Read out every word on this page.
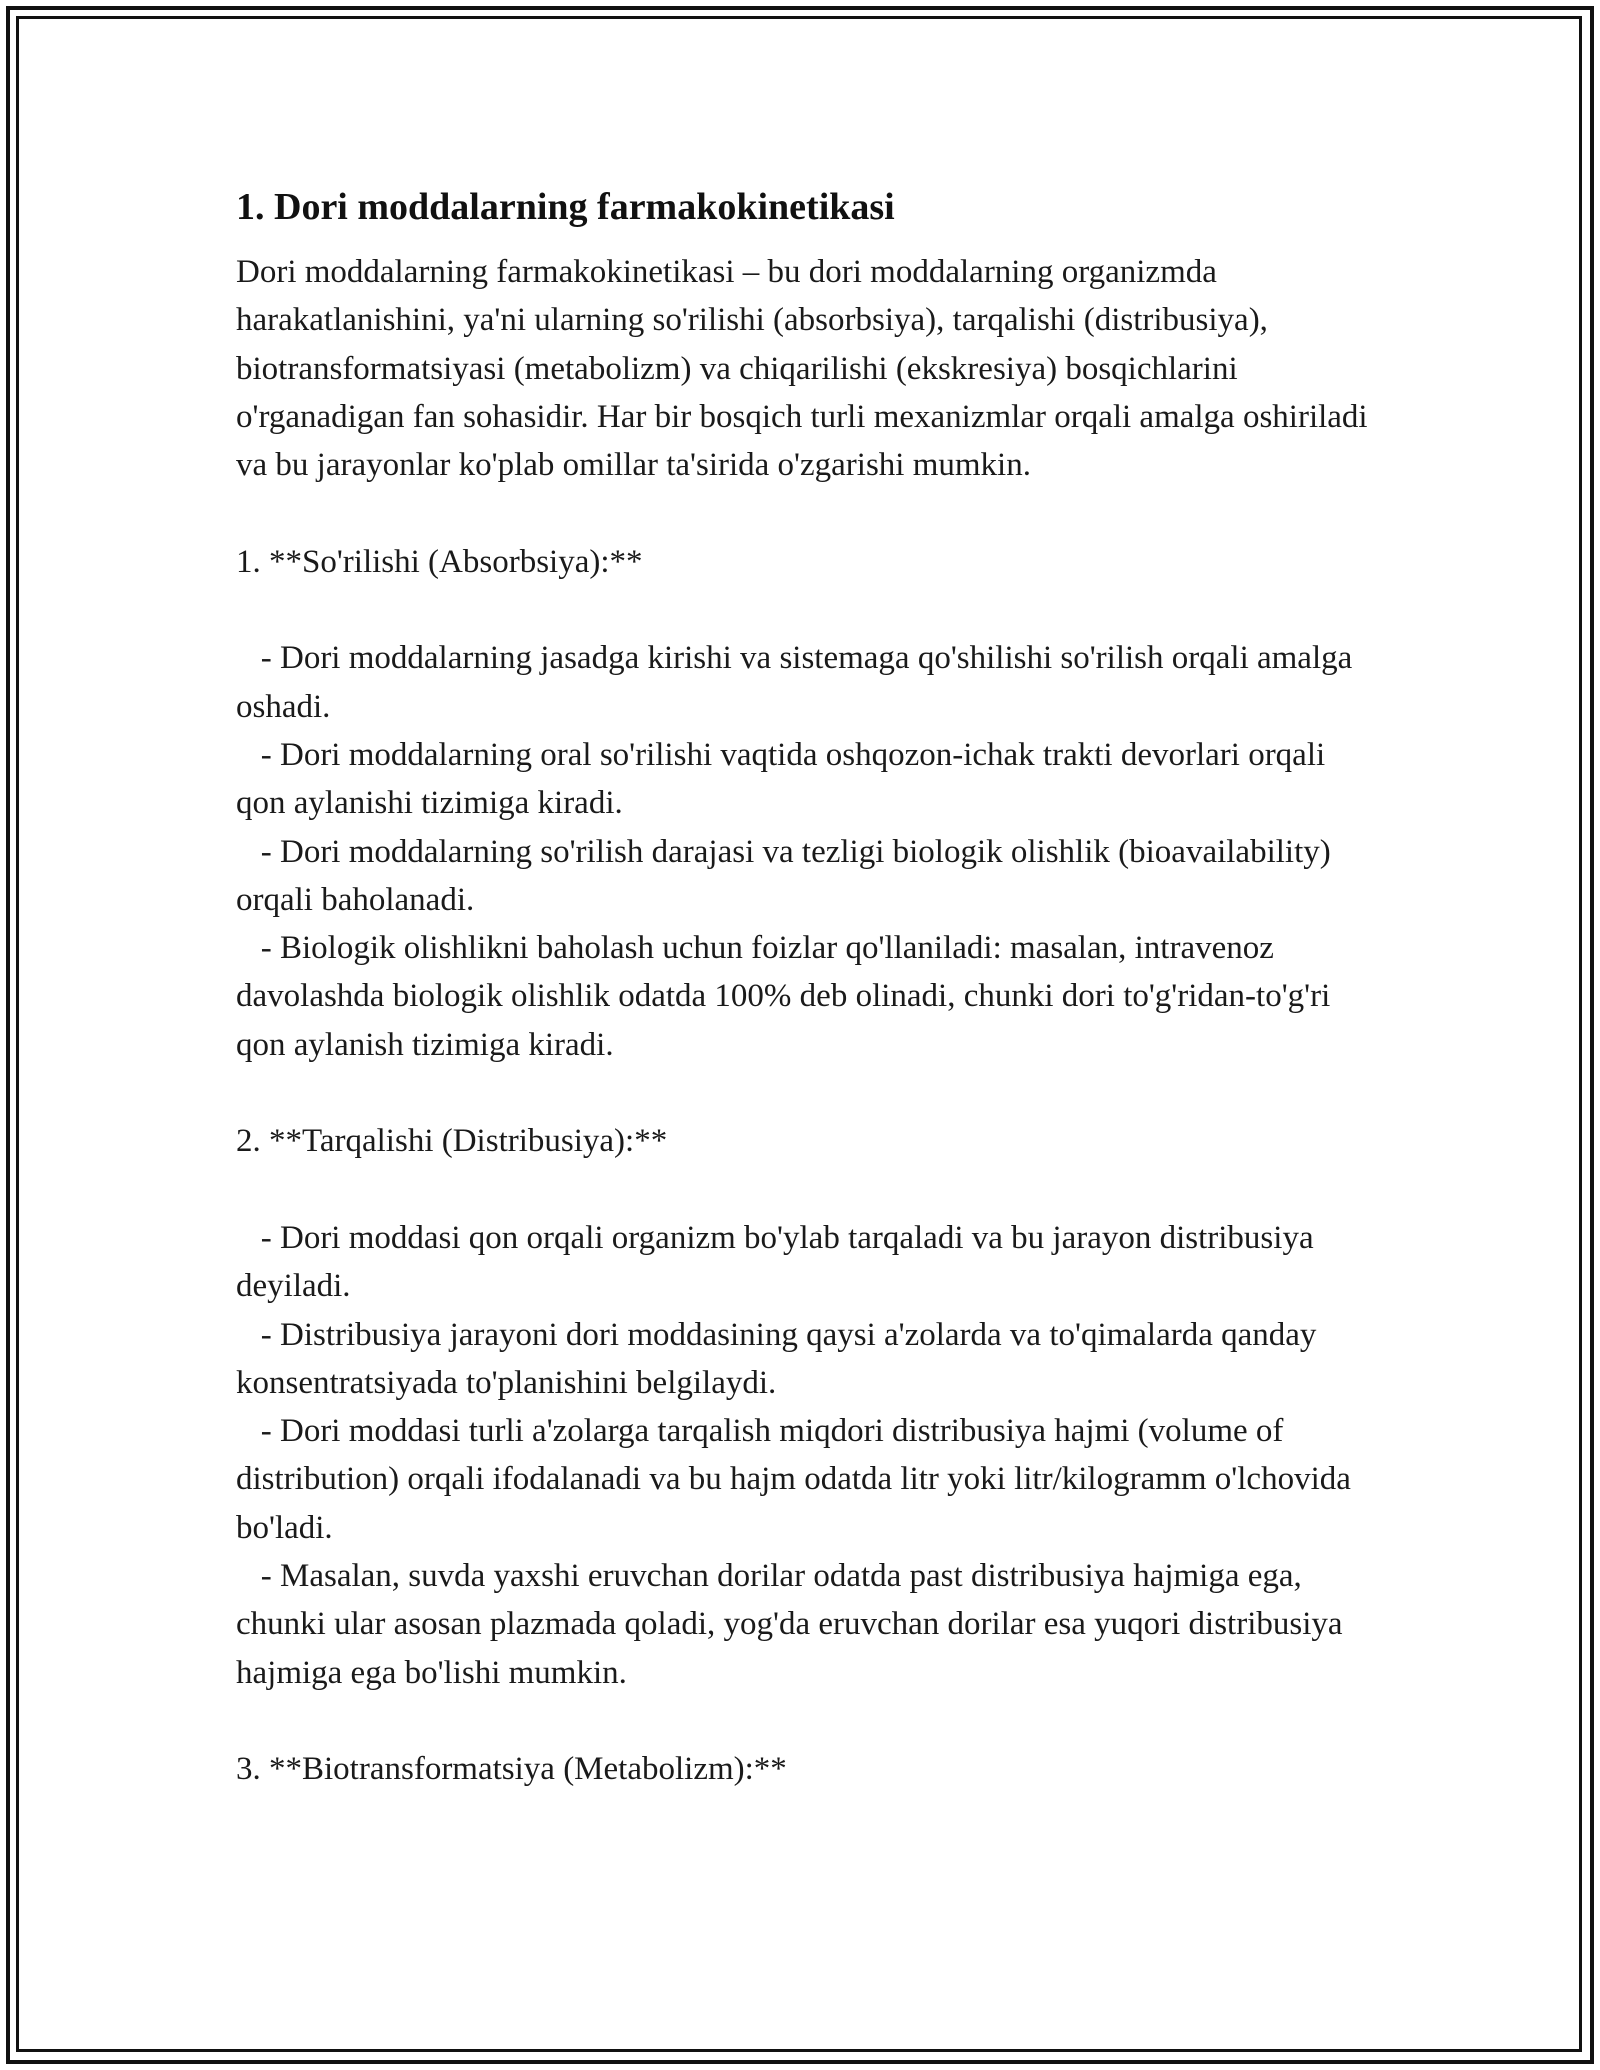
1. Dori moddalarning farmakokinetikasi

Dori moddalarning farmakokinetikasi – bu dori moddalarning organizmda harakatlanishini, ya'ni ularning so'rilishi (absorbsiya), tarqalishi (distribusiya), biotransformatsiyasi (metabolizm) va chiqarilishi (ekskresiya) bosqichlarini o'rganadigan fan sohasidir. Har bir bosqich turli mexanizmlar orqali amalga oshiriladi va bu jarayonlar ko'plab omillar ta'sirida o'zgarishi mumkin.

1. **So'rilishi (Absorbsiya):**

- Dori moddalarning jasadga kirishi va sistemaga qo'shilishi so'rilish orqali amalga oshadi.

- Dori moddalarning oral so'rilishi vaqtida oshqozon-ichak trakti devorlari orqali qon aylanishi tizimiga kiradi.

- Dori moddalarning so'rilish darajasi va tezligi biologik olishlik (bioavailability) orqali baholanadi.

- Biologik olishlikni baholash uchun foizlar qo'llaniladi: masalan, intravenoz davolashda biologik olishlik odatda 100% deb olinadi, chunki dori to'g'ridan-to'g'ri qon aylanish tizimiga kiradi.

2. **Tarqalishi (Distribusiya):**

- Dori moddasi qon orqali organizm bo'ylab tarqaladi va bu jarayon distribusiya deyiladi.

- Distribusiya jarayoni dori moddasining qaysi a'zolarda va to'qimalarda qanday konsentratsiyada to'planishini belgilaydi.

- Dori moddasi turli a'zolarga tarqalish miqdori distribusiya hajmi (volume of distribution) orqali ifodalanadi va bu hajm odatda litr yoki litr/kilogramm o'lchovida bo'ladi.

- Masalan, suvda yaxshi eruvchan dorilar odatda past distribusiya hajmiga ega, chunki ular asosan plazmada qoladi, yog'da eruvchan dorilar esa yuqori distribusiya hajmiga ega bo'lishi mumkin.

3. **Biotransformatsiya (Metabolizm):**
